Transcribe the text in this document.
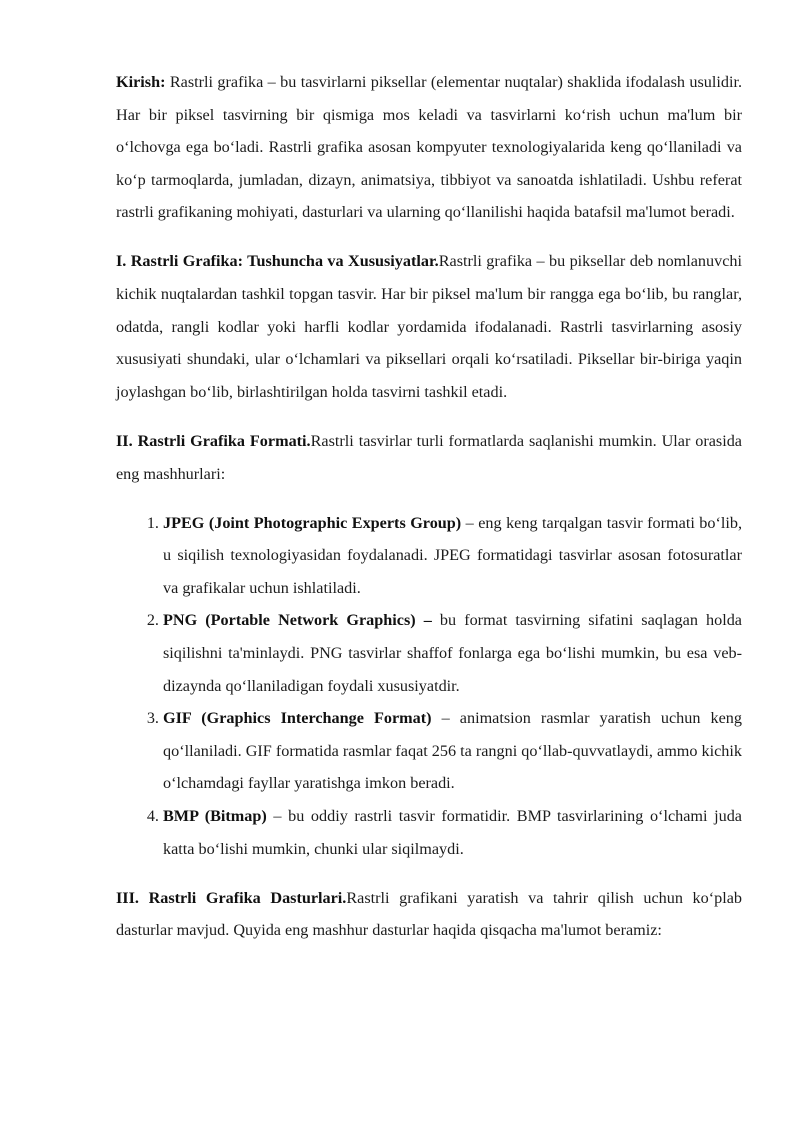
Kirish: Rastrli grafika – bu tasvirlarni piksellar (elementar nuqtalar) shaklida ifodalash usulidir. Har bir piksel tasvirning bir qismiga mos keladi va tasvirlarni ko‘rish uchun ma'lum bir o‘lchovga ega bo‘ladi. Rastrli grafika asosan kompyuter texnologiyalarida keng qo‘llaniladi va ko‘p tarmoqlarda, jumladan, dizayn, animatsiya, tibbiyot va sanoatda ishlatiladi. Ushbu referat rastrli grafikaning mohiyati, dasturlari va ularning qo‘llanilishi haqida batafsil ma'lumot beradi.

I. Rastrli Grafika: Tushuncha va Xususiyatlar.Rastrli grafika – bu piksellar deb nomlanuvchi kichik nuqtalardan tashkil topgan tasvir. Har bir piksel ma'lum bir rangga ega bo‘lib, bu ranglar, odatda, rangli kodlar yoki harfli kodlar yordamida ifodalanadi. Rastrli tasvirlarning asosiy xususiyati shundaki, ular o‘lchamlari va piksellari orqali ko‘rsatiladi. Piksellar bir-biriga yaqin joylashgan bo‘lib, birlashtirilgan holda tasvirni tashkil etadi.

II. Rastrli Grafika Formati.Rastrli tasvirlar turli formatlarda saqlanishi mumkin. Ular orasida eng mashhurlari:

1. JPEG (Joint Photographic Experts Group) – eng keng tarqalgan tasvir formati bo‘lib, u siqilish texnologiyasidan foydalanadi. JPEG formatidagi tasvirlar asosan fotosuratlar va grafikalar uchun ishlatiladi.
2. PNG (Portable Network Graphics) – bu format tasvirning sifatini saqlagan holda siqilishni ta'minlaydi. PNG tasvirlar shaffof fonlarga ega bo‘lishi mumkin, bu esa veb-dizaynda qo‘llaniladigan foydali xususiyatdir.
3. GIF (Graphics Interchange Format) – animatsion rasmlar yaratish uchun keng qo‘llaniladi. GIF formatida rasmlar faqat 256 ta rangni qo‘llab-quvvatlaydi, ammo kichik o‘lchamdagi fayllar yaratishga imkon beradi.
4. BMP (Bitmap) – bu oddiy rastrli tasvir formatidir. BMP tasvirlarining o‘lchami juda katta bo‘lishi mumkin, chunki ular siqilmaydi.

III. Rastrli Grafika Dasturlari.Rastrli grafikani yaratish va tahrir qilish uchun ko‘plab dasturlar mavjud. Quyida eng mashhur dasturlar haqida qisqacha ma'lumot beramiz:
